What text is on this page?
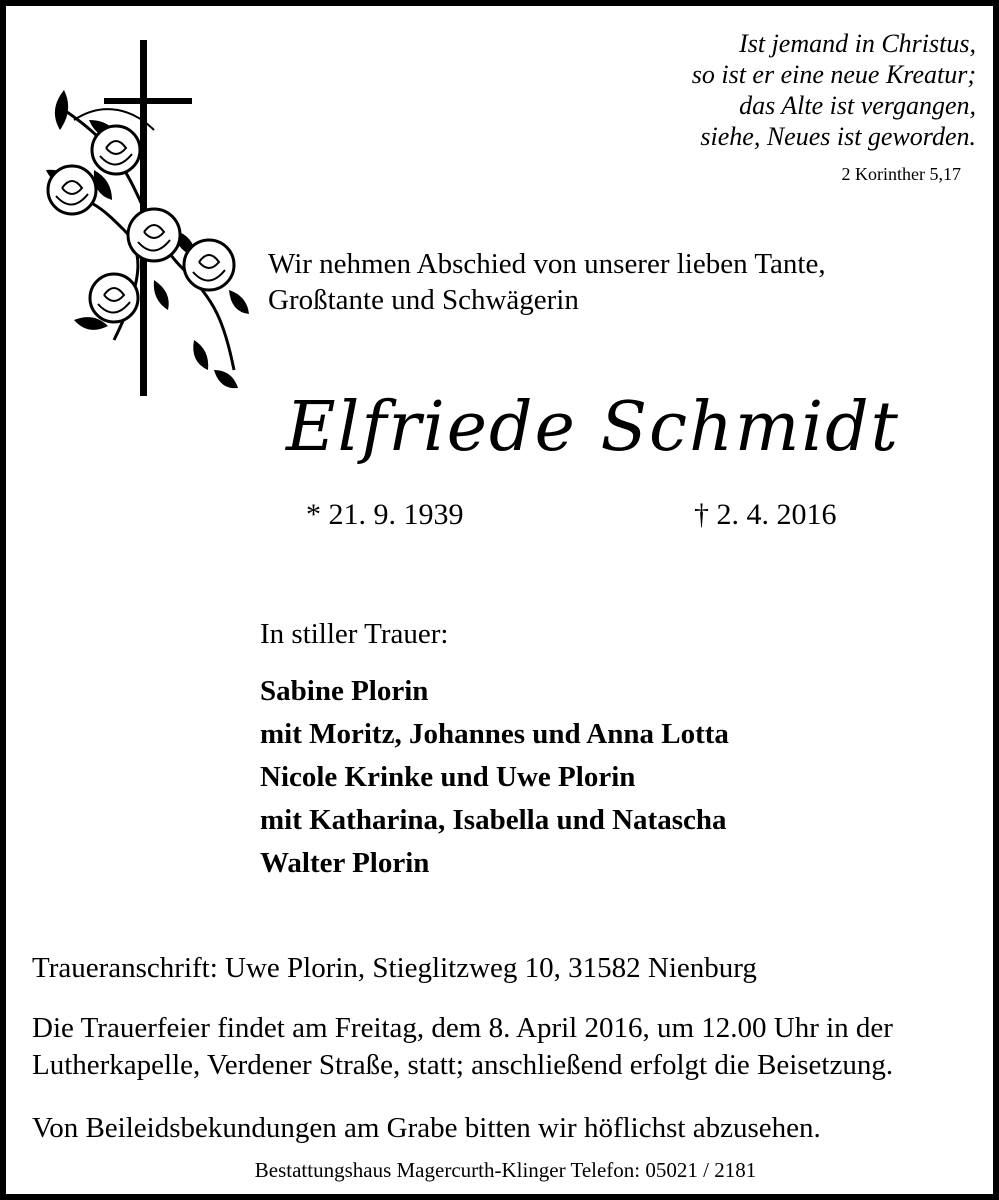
Ist jemand in Christus,
so ist er eine neue Kreatur;
das Alte ist vergangen,
siehe, Neues ist geworden.
2 Korinther 5,17
Wir nehmen Abschied von unserer lieben Tante,
Großtante und Schwägerin
Elfriede Schmidt
* 21. 9. 1939	† 2. 4. 2016
In stiller Trauer:
Sabine Plorin
mit Moritz, Johannes und Anna Lotta
Nicole Krinke und Uwe Plorin
mit Katharina, Isabella und Natascha
Walter Plorin
Traueranschrift: Uwe Plorin, Stieglitzweg 10, 31582 Nienburg
Die Trauerfeier findet am Freitag, dem 8. April 2016, um 12.00 Uhr in der
Lutherkapelle, Verdener Straße, statt; anschließend erfolgt die Beisetzung.
Von Beileidsbekundungen am Grabe bitten wir höflichst abzusehen.
Bestattungshaus Magercurth-Klinger Telefon: 05021 / 2181
